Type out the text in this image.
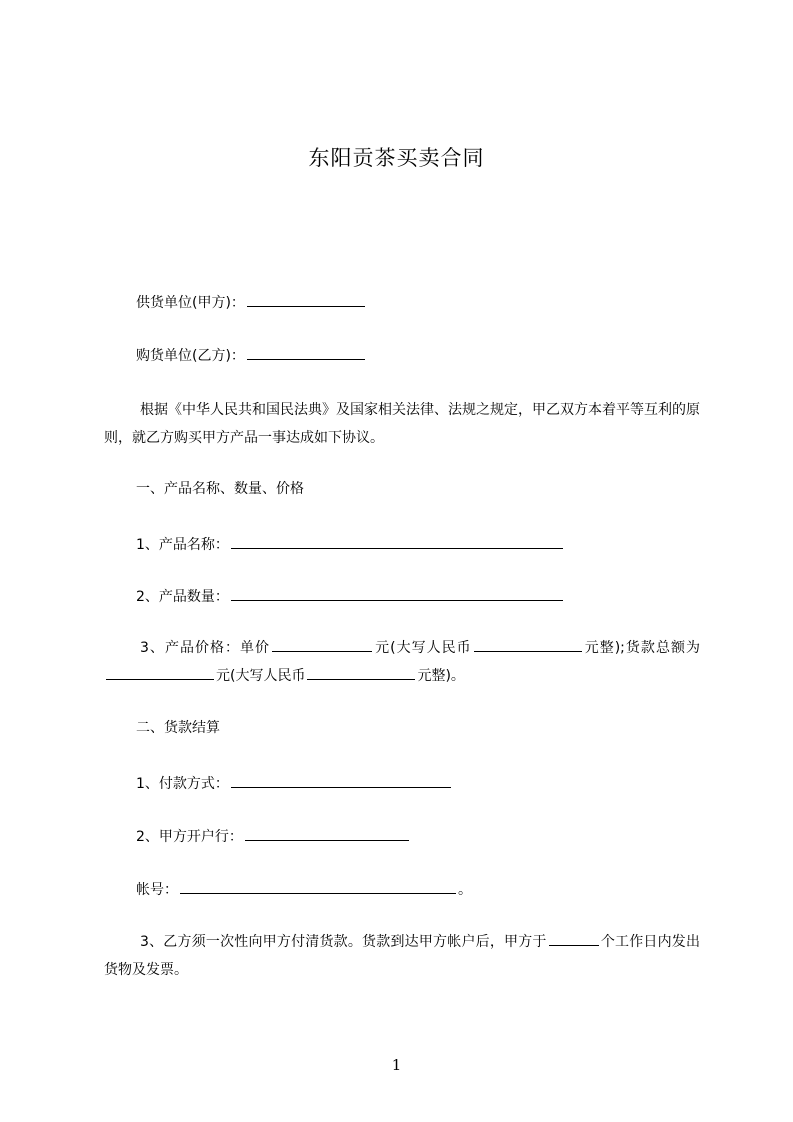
东阳贡茶买卖合同
供货单位(甲方)：
购货单位(乙方)：
根据《中华人民共和国民法典》及国家相关法律、法规之规定，甲乙双方本着平等互利的原则，就乙方购买甲方产品一事达成如下协议。
一、产品名称、数量、价格
1、产品名称：
2、产品数量：
3、产品价格：单价	元(大写人民币	元整);货款总额为元(大写人民币	元整)。
二、货款结算
1、付款方式：
2、甲方开户行：
帐号：	。
3、乙方须一次性向甲方付清货款。货款到达甲方帐户后，甲方于	个工作日内发出货物及发票。
1
